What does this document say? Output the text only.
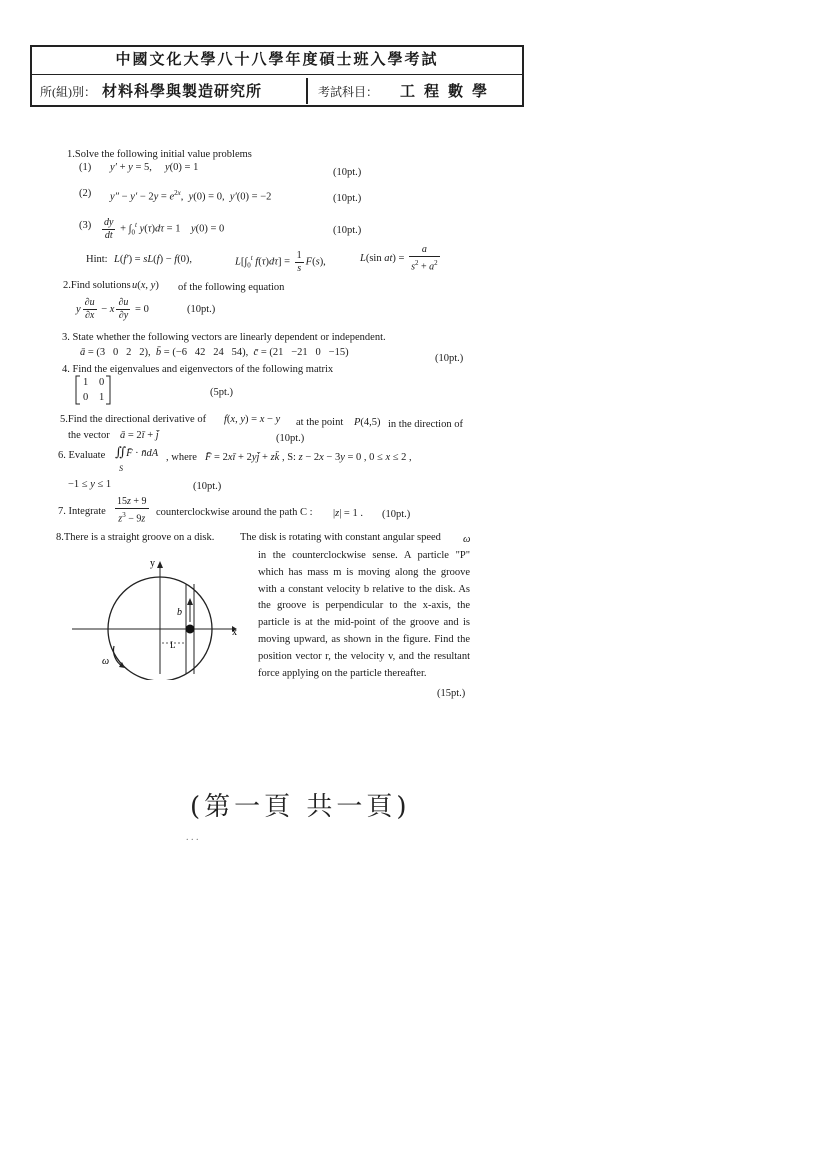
中國文化大學八十八學年度碩士班入學考試
所(組)別： 材料科學與製造研究所	考試科目： 工程數學
1.Solve the following initial value problems
(1) y′ + y = 5,     y(0) = 1	(10pt.)
(2) $y'' - y' - 2y = e^{2x}$,  y(0) = 0,  y′(0) = −2	(10pt.)
$(3) \frac{dy}{dt} + \int_0^t$ y(τ)dτ = 1    y(0) = 0	(10pt.)
Hint: L(f′) = sL(f) − f(0),	$L[\int_0^t$ $f(\tau)d\tau] = \frac{1}{s} F(s)$,	L(sin $at) = \frac{a}{s^2 + a^2}$
2.Find solutions u(x, y) of the following equation
y $\frac{\partial u}{\partial x} - x \frac{\partial u}{\partial y} = 0$	(10pt.)
3. State whether the following vectors are linearly dependent or independent.
ā = (3   0   2   2),  b̄ = (−6   42   24   54),  c̄ = (21   −21   0   −15)
(10pt.)
4. Find the eigenvalues and eigenvectors of the following matrix
1 0
0 1	(5pt.)
5.Find the directional derivative of f(x, y) = x − y at the point P(4,5) in the direction of
the vector ā = 2ī + j̄	(10pt.)
6. Evaluate ∬F̄ · n̄dA
S
, where F̄ = 2xī + 2yj̄ + zk̄ , S: z − 2x − 3y = 0 , 0 ≤ x ≤ 2 ,
−1 ≤ y ≤ 1	(10pt.)
7. Integrate $\frac{15z + 9}{z^3 - 9z}$ counterclockwise around the path C : |z| = 1 . (10pt.)
8.There is a straight groove on a disk. The disk is rotating with constant angular speed ω
in the counterclockwise sense. A particle "P" which has mass m is moving along the groove with a constant velocity b relative to the disk. As the groove is perpendicular to the x-axis, the particle is at the mid-point of the groove and is moving upward, as shown in the figure. Find the position vector r, the velocity v, and the resultant force applying on the particle thereafter.
(15pt.)
y
x
b
L
ω
(第一頁 共一頁)
. . .
